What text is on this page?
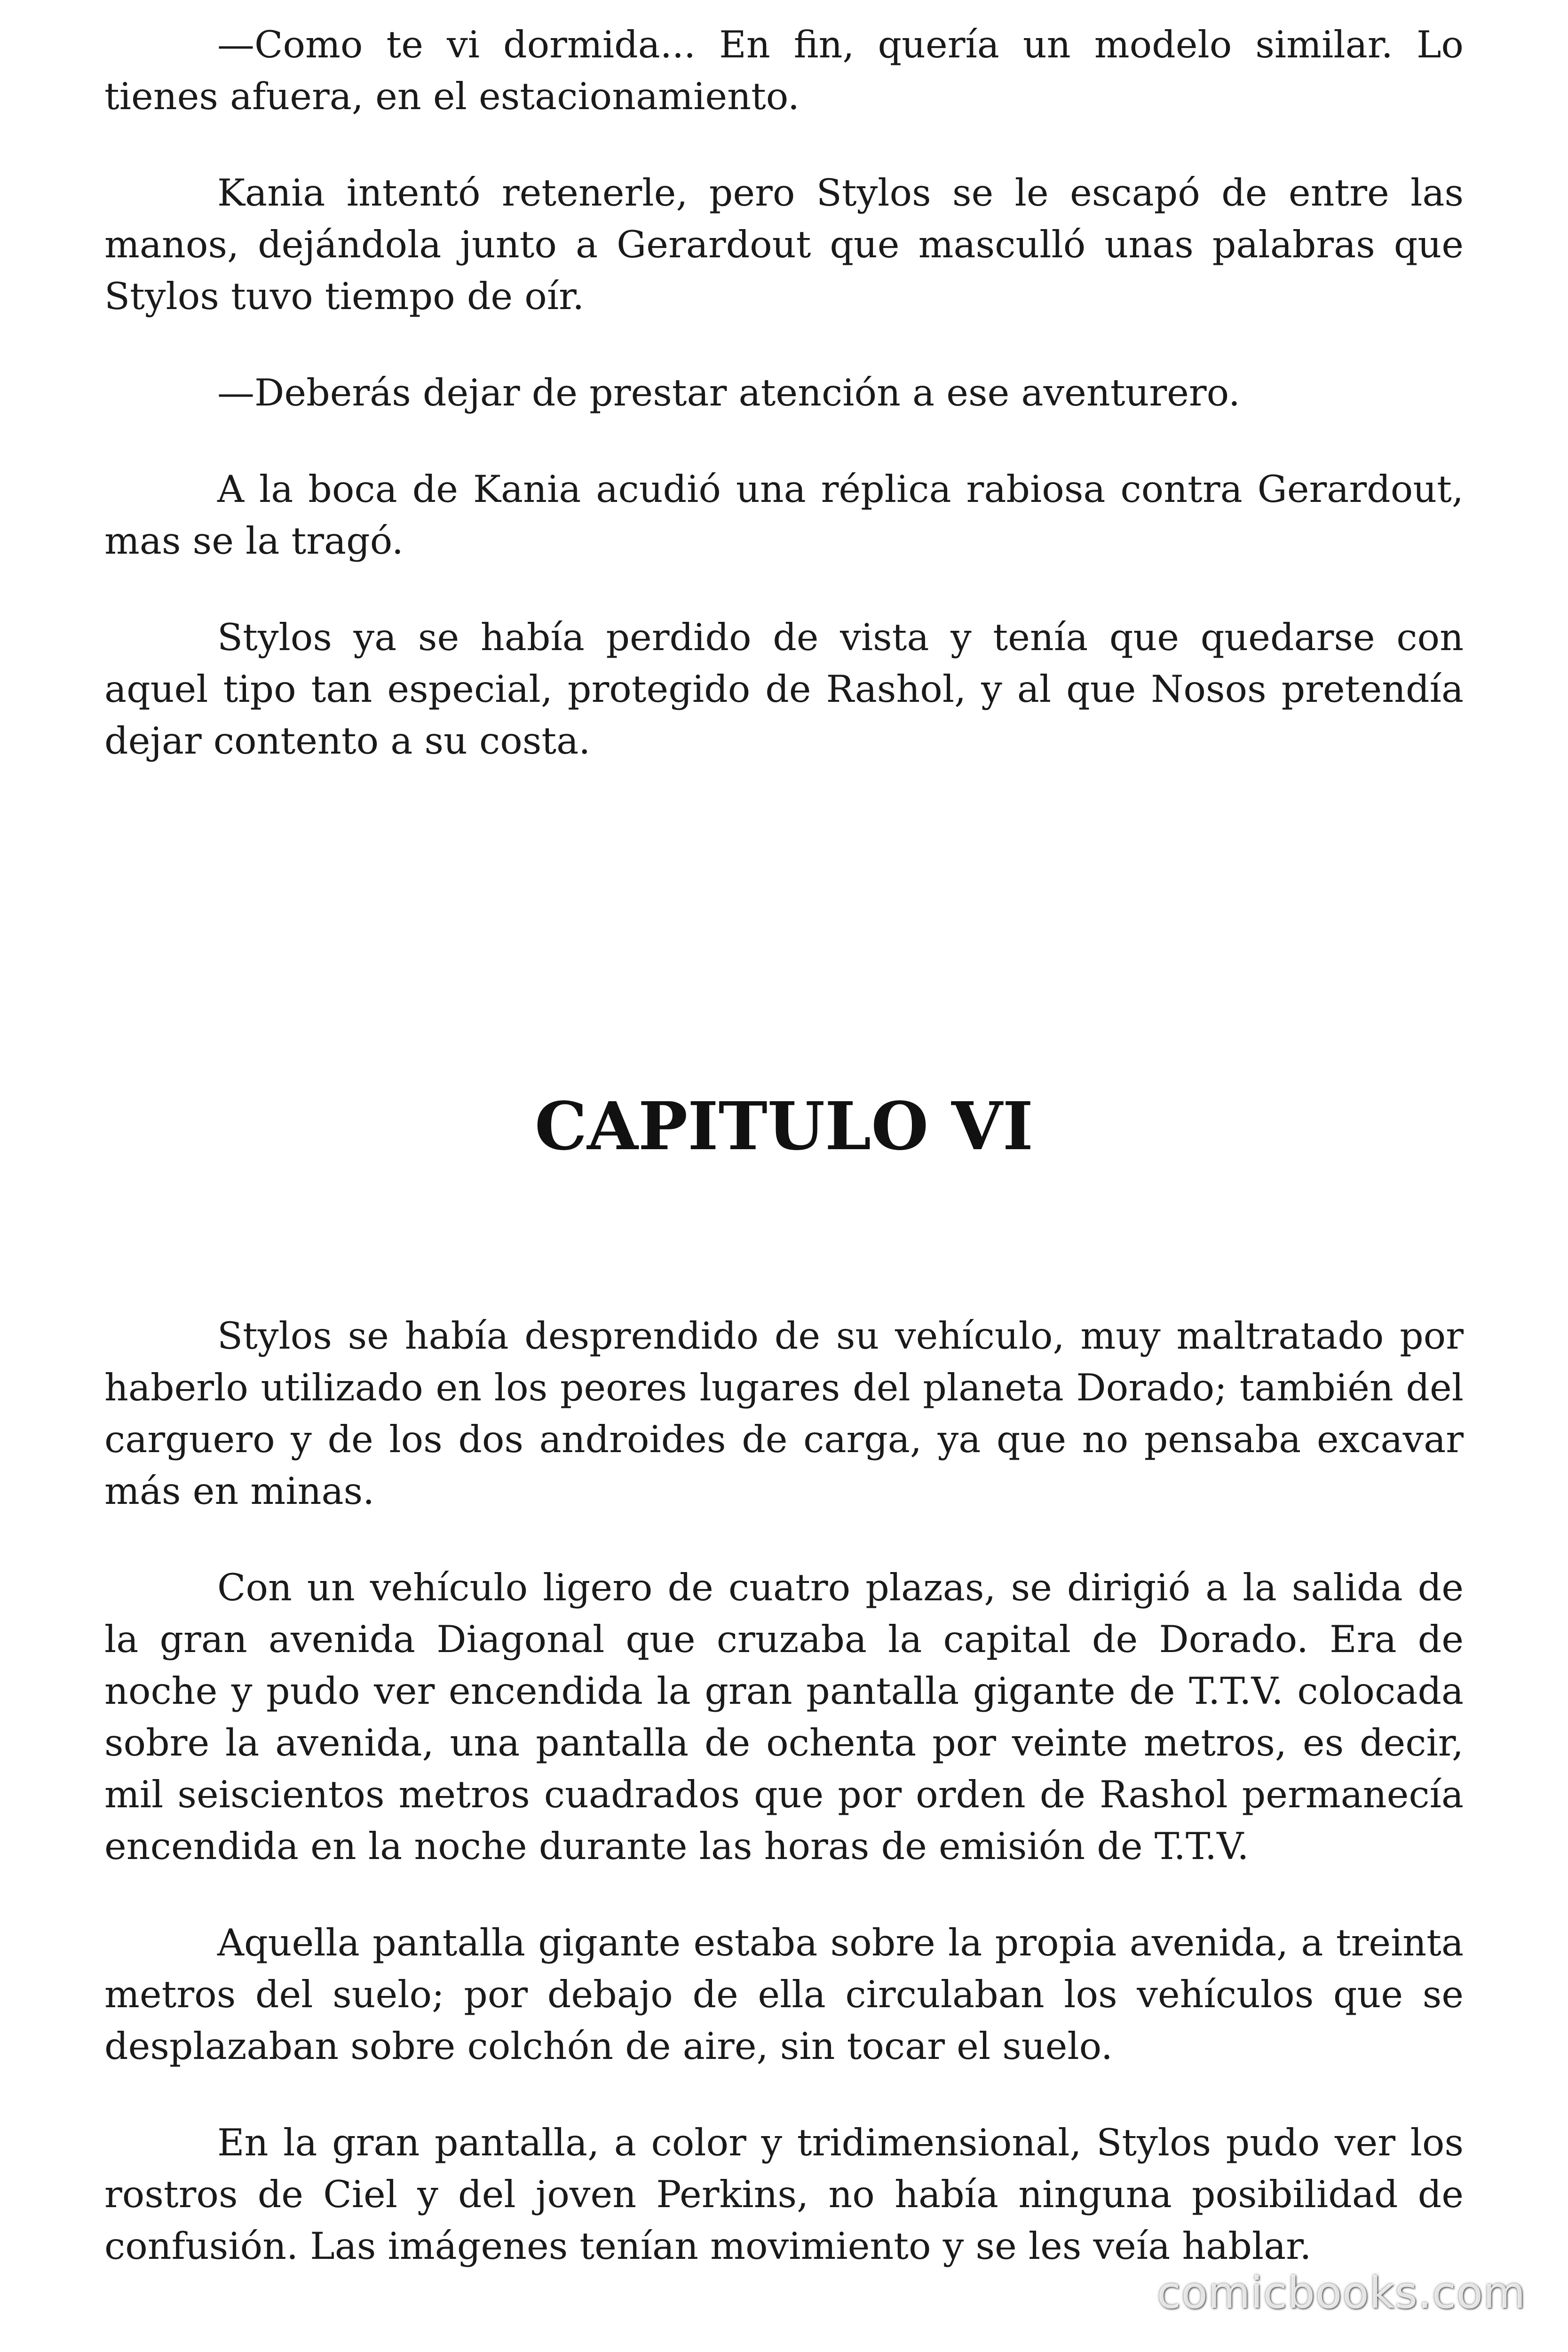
—Como te vi dormida... En fin, quería un modelo similar. Lo tienes afuera, en el estacionamiento.

Kania intentó retenerle, pero Stylos se le escapó de entre las manos, dejándola junto a Gerardout que masculló unas palabras que Stylos tuvo tiempo de oír.

—Deberás dejar de prestar atención a ese aventurero.

A la boca de Kania acudió una réplica rabiosa contra Gerardout, mas se la tragó.

Stylos ya se había perdido de vista y tenía que quedarse con aquel tipo tan especial, protegido de Rashol, y al que Nosos pretendía dejar contento a su costa.

CAPITULO VI

Stylos se había desprendido de su vehículo, muy maltratado por haberlo utilizado en los peores lugares del planeta Dorado; también del carguero y de los dos androides de carga, ya que no pensaba excavar más en minas.

Con un vehículo ligero de cuatro plazas, se dirigió a la salida de la gran avenida Diagonal que cruzaba la capital de Dorado. Era de noche y pudo ver encendida la gran pantalla gigante de T.T.V. colocada sobre la avenida, una pantalla de ochenta por veinte metros, es decir, mil seiscientos metros cuadrados que por orden de Rashol permanecía encendida en la noche durante las horas de emisión de T.T.V.

Aquella pantalla gigante estaba sobre la propia avenida, a treinta metros del suelo; por debajo de ella circulaban los vehículos que se desplazaban sobre colchón de aire, sin tocar el suelo.

En la gran pantalla, a color y tridimensional, Stylos pudo ver los rostros de Ciel y del joven Perkins, no había ninguna posibilidad de confusión. Las imágenes tenían movimiento y se les veía hablar.

comicbooks.com
